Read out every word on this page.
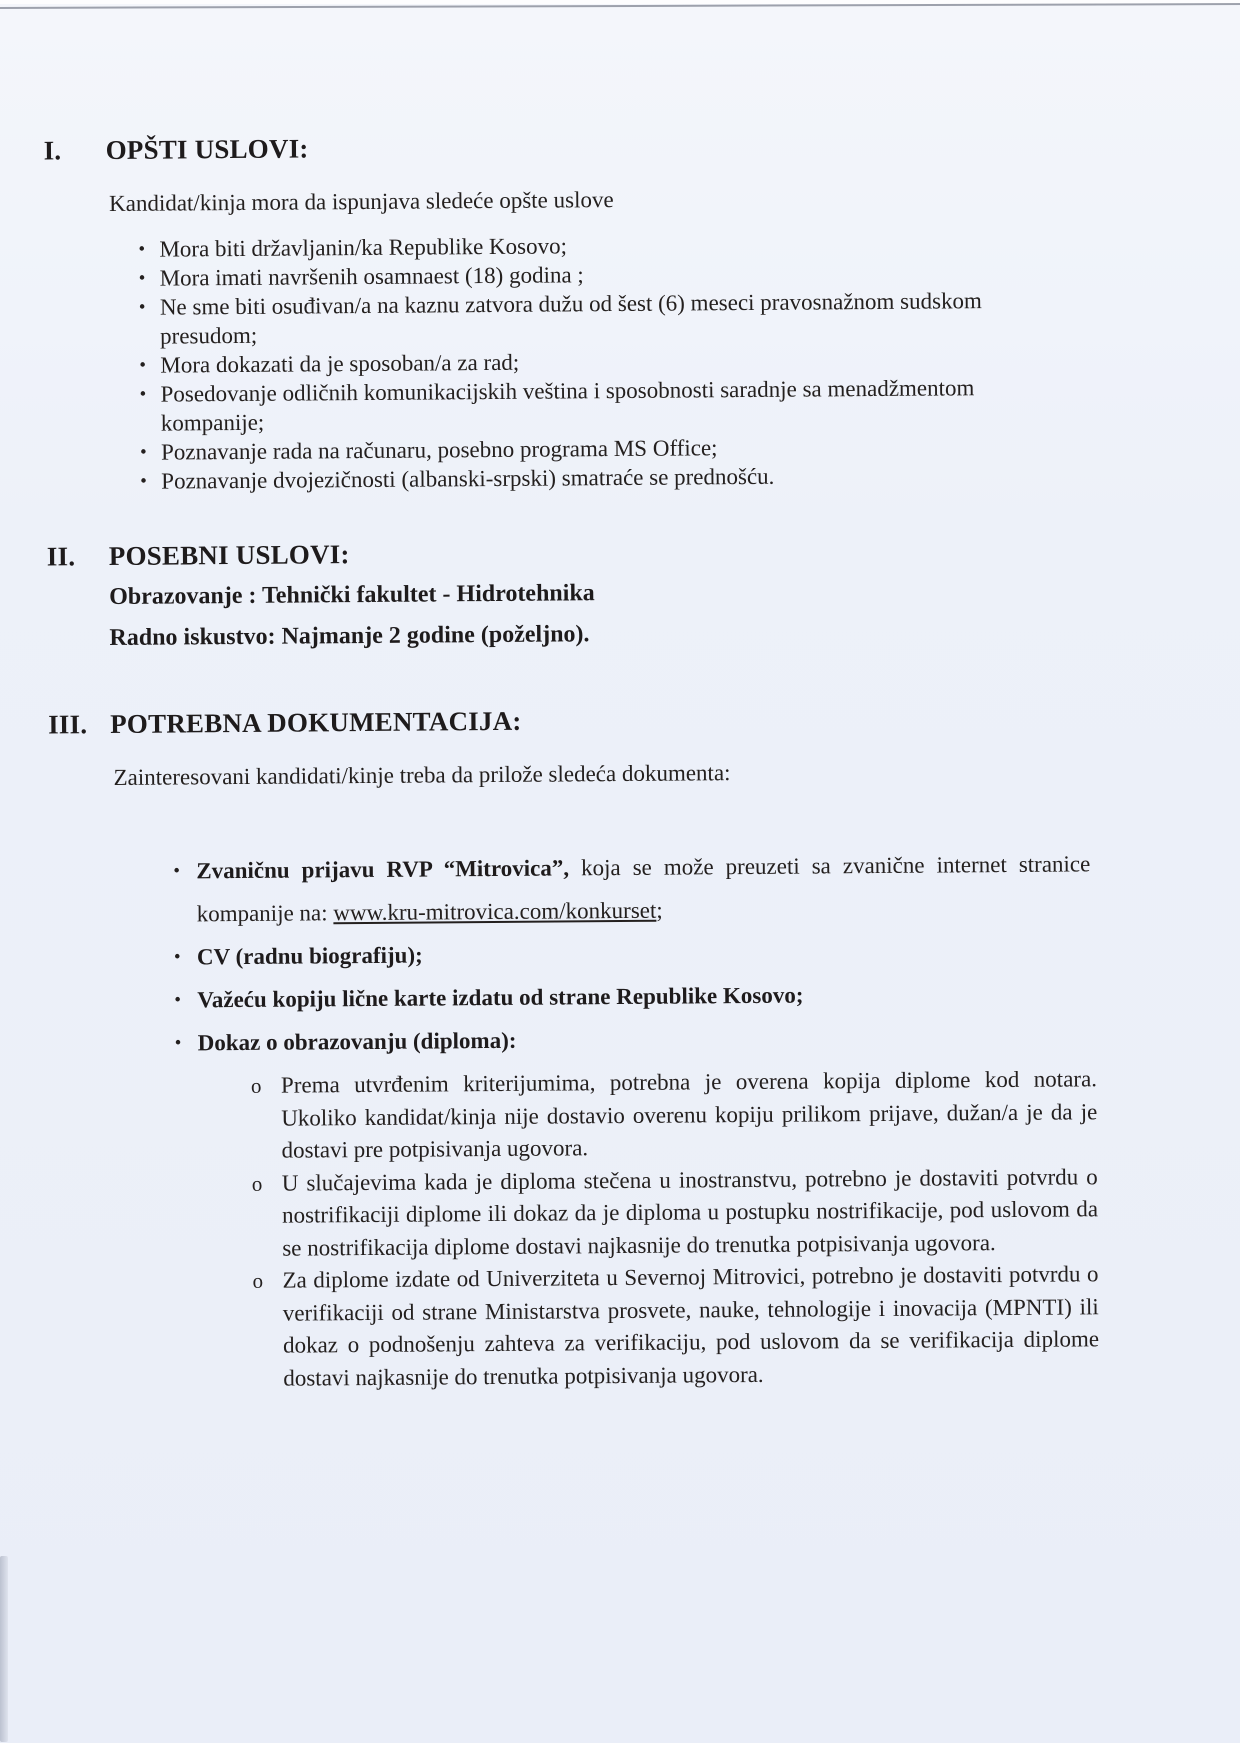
I.	OPŠTI USLOVI:

Kandidat/kinja mora da ispunjava sledeće opšte uslove

• Mora biti državljanin/ka Republike Kosovo;
• Mora imati navršenih osamnaest (18) godina ;
• Ne sme biti osuđivan/a na kaznu zatvora dužu od šest (6) meseci pravosnažnom sudskom presudom;
• Mora dokazati da je sposoban/a za rad;
• Posedovanje odličnih komunikacijskih veština i sposobnosti saradnje sa menadžmentom kompanije;
• Poznavanje rada na računaru, posebno programa MS Office;
• Poznavanje dvojezičnosti (albanski-srpski) smatraće se prednošću.
II.	POSEBNI USLOVI:

Obrazovanje : Tehnički fakultet - Hidrotehnika

Radno iskustvo: Najmanje 2 godine (poželjno).

III. POTREBNA DOKUMENTACIJA:

Zainteresovani kandidati/kinje treba da prilože sledeća dokumenta:

• Zvaničnu prijavu RVP “Mitrovica”, koja se može preuzeti sa zvanične internet stranice kompanije na: www.kru-mitrovica.com/konkurset;
• CV (radnu biografiju);
• Važeću kopiju lične karte izdatu od strane Republike Kosovo;
• Dokaz o obrazovanju (diploma):
o Prema utvrđenim kriterijumima, potrebna je overena kopija diplome kod notara. Ukoliko kandidat/kinja nije dostavio overenu kopiju prilikom prijave, dužan/a je da je dostavi pre potpisivanja ugovora.
o U slučajevima kada je diploma stečena u inostranstvu, potrebno je dostaviti potvrdu o nostrifikaciji diplome ili dokaz da je diploma u postupku nostrifikacije, pod uslovom da se nostrifikacija diplome dostavi najkasnije do trenutka potpisivanja ugovora.
o Za diplome izdate od Univerziteta u Severnoj Mitrovici, potrebno je dostaviti potvrdu o verifikaciji od strane Ministarstva prosvete, nauke, tehnologije i inovacija (MPNTI) ili dokaz o podnošenju zahteva za verifikaciju, pod uslovom da se verifikacija diplome dostavi najkasnije do trenutka potpisivanja ugovora.
